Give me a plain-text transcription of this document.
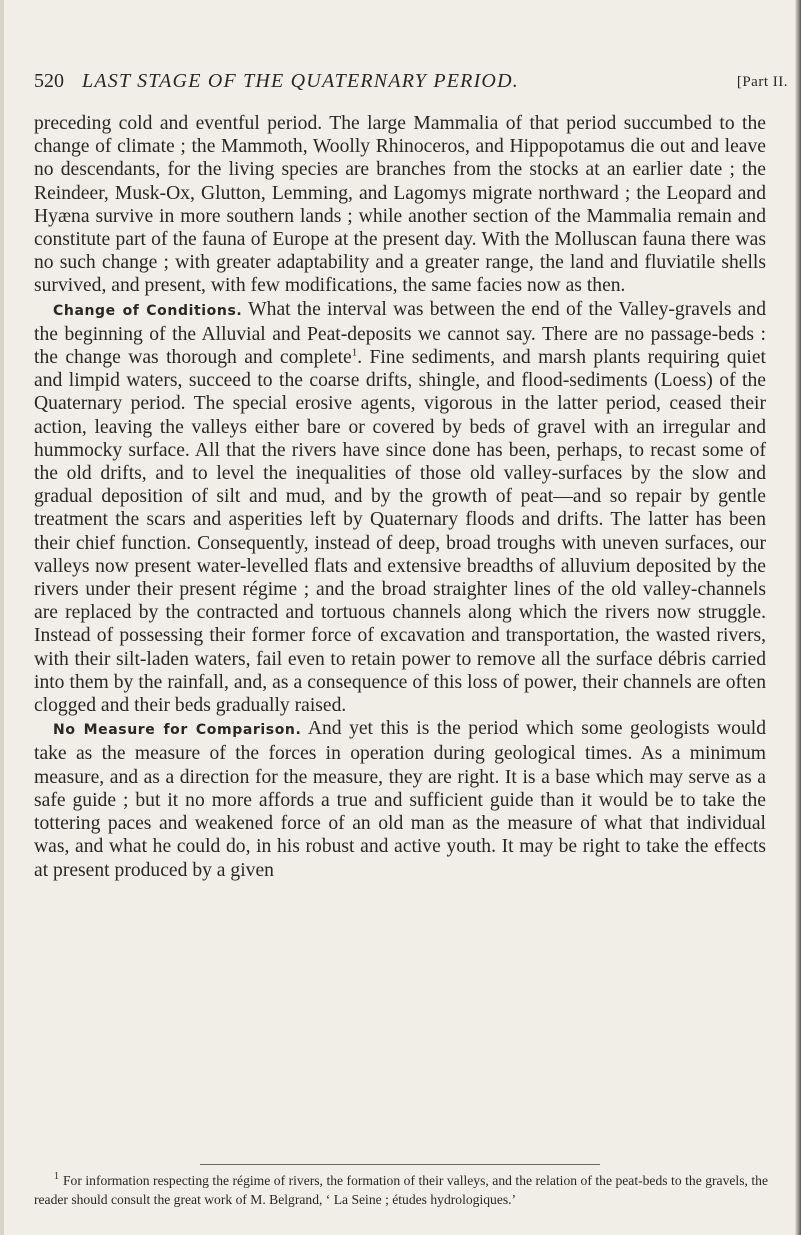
520 LAST STAGE OF THE QUATERNARY PERIOD.	[Part II.

preceding cold and eventful period. The large Mammalia of that period succumbed to the change of climate ; the Mammoth, Woolly Rhinoceros, and Hippopotamus die out and leave no descendants, for the living species are branches from the stocks at an earlier date ; the Reindeer, Musk-Ox, Glutton, Lemming, and Lagomys migrate northward ; the Leopard and Hyæna survive in more southern lands ; while another section of the Mammalia remain and constitute part of the fauna of Europe at the present day. With the Molluscan fauna there was no such change ; with greater adaptability and a greater range, the land and fluviatile shells survived, and present, with few modifications, the same facies now as then.

Change of Conditions. What the interval was between the end of the Valley-gravels and the beginning of the Alluvial and Peat-deposits we cannot say. There are no passage-beds : the change was thorough and complete$^1$. Fine sediments, and marsh plants requiring quiet and limpid waters, succeed to the coarse drifts, shingle, and flood-sediments (Loess) of the Quaternary period. The special erosive agents, vigorous in the latter period, ceased their action, leaving the valleys either bare or covered by beds of gravel with an irregular and hummocky surface. All that the rivers have since done has been, perhaps, to recast some of the old drifts, and to level the inequalities of those old valley-surfaces by the slow and gradual deposition of silt and mud, and by the growth of peat—and so repair by gentle treatment the scars and asperities left by Quaternary floods and drifts. The latter has been their chief function. Consequently, instead of deep, broad troughs with uneven surfaces, our valleys now present water-levelled flats and extensive breadths of alluvium deposited by the rivers under their present régime ; and the broad straighter lines of the old valley-channels are replaced by the contracted and tortuous channels along which the rivers now struggle. Instead of possessing their former force of excavation and transportation, the wasted rivers, with their silt-laden waters, fail even to retain power to remove all the surface débris carried into them by the rainfall, and, as a consequence of this loss of power, their channels are often clogged and their beds gradually raised.

No Measure for Comparison. And yet this is the period which some geologists would take as the measure of the forces in operation during geological times. As a minimum measure, and as a direction for the measure, they are right. It is a base which may serve as a safe guide ; but it no more affords a true and sufficient guide than it would be to take the tottering paces and weakened force of an old man as the measure of what that individual was, and what he could do, in his robust and active youth. It may be right to take the effects at present produced by a given

$^1$ For information respecting the régime of rivers, the formation of their valleys, and the relation of the peat-beds to the gravels, the reader should consult the great work of M. Belgrand, ‘ La Seine ; études hydrologiques.’
